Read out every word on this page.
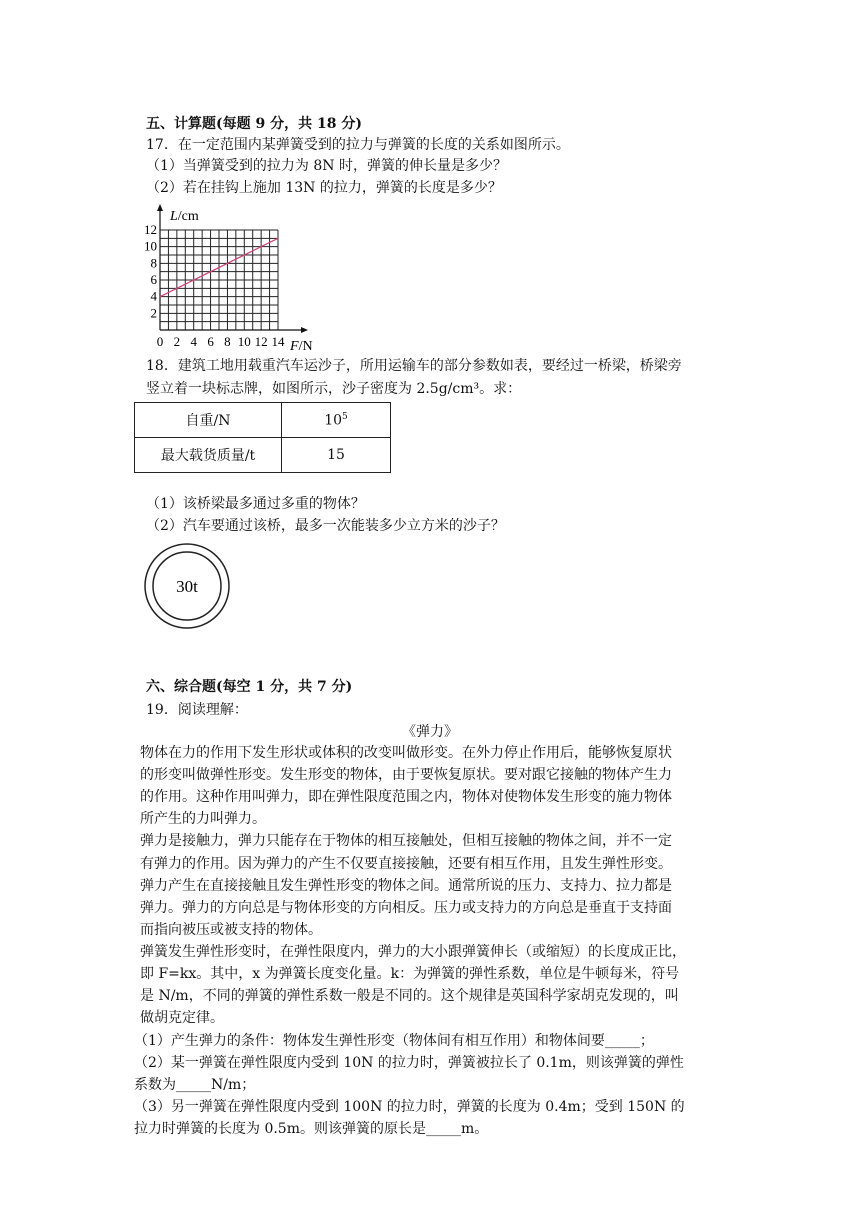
五、计算题(每题 9 分，共 18 分)
17．在一定范围内某弹簧受到的拉力与弹簧的长度的关系如图所示。
（1）当弹簧受到的拉力为 8N 时，弹簧的伸长量是多少？
（2）若在挂钩上施加 13N 的拉力，弹簧的长度是多少？
0 2 4 6 8 10 12 14
2
4
6
8
10
12
L/cm
F/N
18．建筑工地用载重汽车运沙子，所用运输车的部分参数如表，要经过一桥梁，桥梁旁
竖立着一块标志牌，如图所示，沙子密度为 2.5g/cm³。求：
自重/N	$10^5$
最大载货质量/t	15
（1）该桥梁最多通过多重的物体？
（2）汽车要通过该桥，最多一次能装多少立方米的沙子？
30t
六、综合题(每空 1 分，共 7 分)
19．阅读理解：
《弹力》
物体在力的作用下发生形状或体积的改变叫做形变。在外力停止作用后，能够恢复原状
的形变叫做弹性形变。发生形变的物体，由于要恢复原状。要对跟它接触的物体产生力
的作用。这种作用叫弹力，即在弹性限度范围之内，物体对使物体发生形变的施力物体
所产生的力叫弹力。
弹力是接触力，弹力只能存在于物体的相互接触处，但相互接触的物体之间，并不一定
有弹力的作用。因为弹力的产生不仅要直接接触，还要有相互作用，且发生弹性形变。
弹力产生在直接接触且发生弹性形变的物体之间。通常所说的压力、支持力、拉力都是
弹力。弹力的方向总是与物体形变的方向相反。压力或支持力的方向总是垂直于支持面
而指向被压或被支持的物体。
弹簧发生弹性形变时，在弹性限度内，弹力的大小跟弹簧伸长（或缩短）的长度成正比，
即 F=kx。其中，x 为弹簧长度变化量。k：为弹簧的弹性系数，单位是牛顿每米，符号
是 N/m，不同的弹簧的弹性系数一般是不同的。这个规律是英国科学家胡克发现的，叫
做胡克定律。
（1）产生弹力的条件：物体发生弹性形变（物体间有相互作用）和物体间要_____；
（2）某一弹簧在弹性限度内受到 10N 的拉力时，弹簧被拉长了 0.1m，则该弹簧的弹性
系数为_____N/m；
（3）另一弹簧在弹性限度内受到 100N 的拉力时，弹簧的长度为 0.4m；受到 150N 的
拉力时弹簧的长度为 0.5m。则该弹簧的原长是_____m。
